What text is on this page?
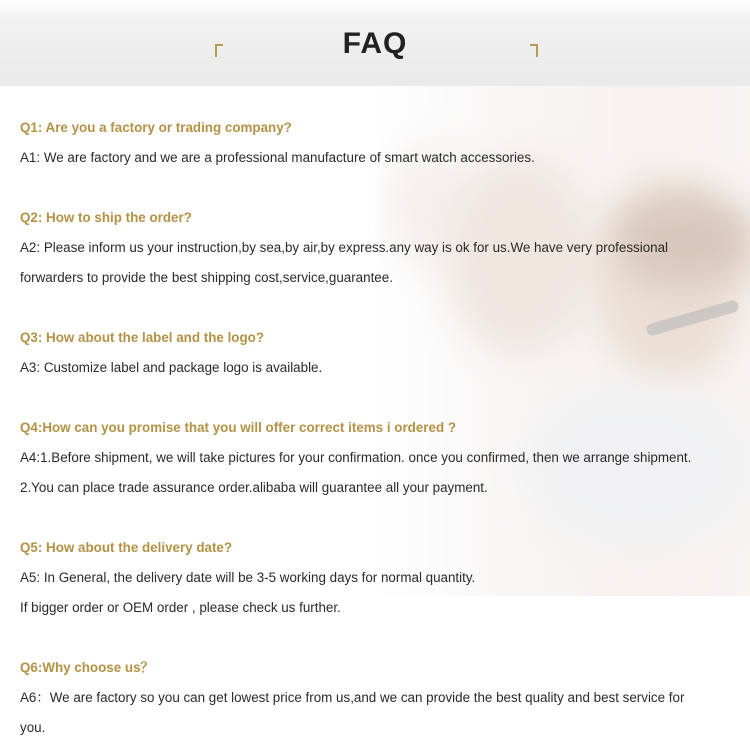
FAQ
Q1: Are you a factory or trading company?
A1: We are factory and we are a professional manufacture of smart watch accessories.
Q2: How to ship the order?
A2: Please inform us your instruction,by sea,by air,by express.any way is ok for us.We have very professional
forwarders to provide the best shipping cost,service,guarantee.
Q3: How about the label and the logo?
A3: Customize label and package logo is available.
Q4:How can you promise that you will offer correct items i ordered ?
A4:1.Before shipment, we will take pictures for your confirmation. once you confirmed, then we arrange shipment.
2.You can place trade assurance order.alibaba will guarantee all your payment.
Q5: How about the delivery date?
A5: In General, the delivery date will be 3-5 working days for normal quantity.
If bigger order or OEM order , please check us further.
Q6:Why choose us？
A6：We are factory so you can get lowest price from us,and we can provide the best quality and best service for
you.
